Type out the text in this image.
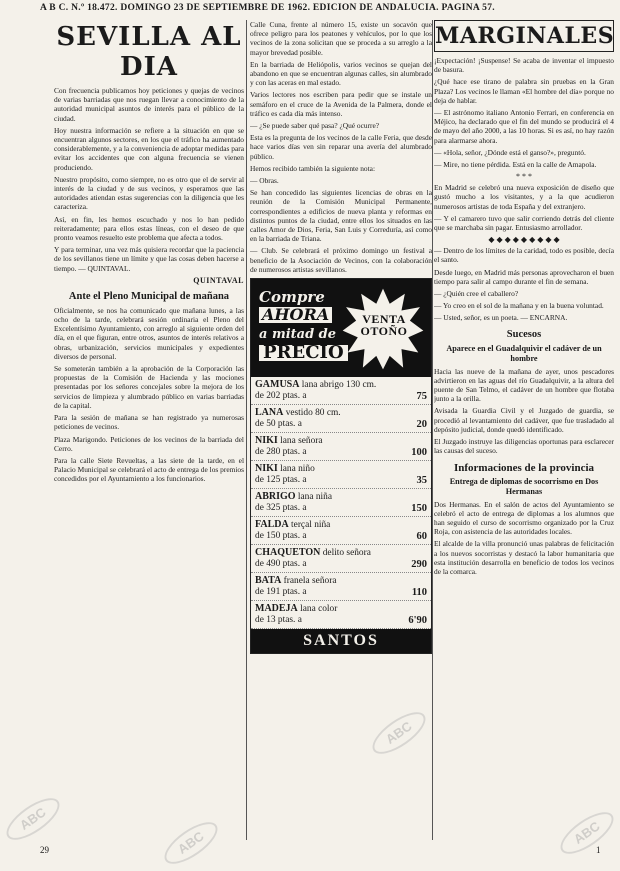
A B C. N.º 18.472. DOMINGO 23 DE SEPTIEMBRE DE 1962. EDICION DE ANDALUCIA. PAGINA 57.
SEVILLA AL DIA

Con frecuencia publicamos hoy peticiones y quejas de vecinos de varias barriadas que nos ruegan llevar a conocimiento de la autoridad municipal asuntos de interés para el público de la ciudad.

Hoy nuestra información se refiere a la situación en que se encuentran algunos sectores, en los que el tráfico ha aumentado considerablemente, y a la conveniencia de adoptar medidas para evitar los accidentes que con alguna frecuencia se vienen produciendo.

Nuestro propósito, como siempre, no es otro que el de servir al interés de la ciudad y de sus vecinos, y esperamos que las autoridades atiendan estas sugerencias con la diligencia que les caracteriza.

Así, en fin, les hemos escuchado y nos lo han pedido reiteradamente; para ellos estas líneas, con el deseo de que pronto veamos resuelto este problema que afecta a todos.

Y para terminar, una vez más quisiera recordar que la paciencia de los sevillanos tiene un límite y que las cosas deben hacerse a tiempo. — QUINTAVAL.

QUINTAVAL
Ante el Pleno Municipal de mañana

Oficialmente, se nos ha comunicado que mañana lunes, a las ocho de la tarde, celebrará sesión ordinaria el Pleno del Excelentísimo Ayuntamiento, con arreglo al siguiente orden del día, en el que figuran, entre otros, asuntos de interés relativos a obras, urbanización, servicios municipales y expedientes diversos de personal.

Se someterán también a la aprobación de la Corporación las propuestas de la Comisión de Hacienda y las mociones presentadas por los señores concejales sobre la mejora de los servicios de limpieza y alumbrado público en varias barriadas de la capital.

Para la sesión de mañana se han registrado ya numerosas peticiones de vecinos.

Plaza Marigondo. Peticiones de los vecinos de la barriada del Cerro.

Para la calle Siete Revueltas, a las siete de la tarde, en el Palacio Municipal se celebrará el acto de entrega de los premios concedidos por el Ayuntamiento a los funcionarios.

Calle Cuna, frente al número 15, existe un socavón que ofrece peligro para los peatones y vehículos, por lo que los vecinos de la zona solicitan que se proceda a su arreglo a la mayor brevedad posible.

En la barriada de Heliópolis, varios vecinos se quejan del abandono en que se encuentran algunas calles, sin alumbrado y con las aceras en mal estado.

Varios lectores nos escriben para pedir que se instale un semáforo en el cruce de la Avenida de la Palmera, donde el tráfico es cada día más intenso.

— ¿Se puede saber qué pasa? ¿Qué ocurre?

Esta es la pregunta de los vecinos de la calle Feria, que desde hace varios días ven sin reparar una avería del alumbrado público.

Hemos recibido también la siguiente nota:

— Obras.

Se han concedido las siguientes licencias de obras en la reunión de la Comisión Municipal Permanente, correspondientes a edificios de nueva planta y reformas en distintos puntos de la ciudad, entre ellos los situados en las calles Amor de Dios, Feria, San Luis y Correduría, así como en la barriada de Triana.

— Club. Se celebrará el próximo domingo un festival a beneficio de la Asociación de Vecinos, con la colaboración de numerosos artistas sevillanos.

Compre
AHORA
a mitad de
PRECIO
VENTA OTOÑO
GAMUSA lana abrigo 130 cm.
de 202 ptas. a	75
LANA vestido 80 cm.
de 50 ptas. a	20
NIKI lana señora
de 280 ptas. a	100
NIKI lana niño
de 125 ptas. a	35
ABRIGO lana niña
de 325 ptas. a	150
FALDA terçal niña
de 150 ptas. a	60
CHAQUETON delito señora
de 490 ptas. a	290
BATA franela señora
de 191 ptas. a	110
MADEJA lana color
de 13 ptas. a	6'90
SANTOS
MARGINALES

¡Expectación! ¡Suspense! Se acaba de inventar el impuesto de basura.

¿Qué hace ese tirano de palabra sin pruebas en la Gran Plaza? Los vecinos le llaman «El hombre del día» porque no deja de hablar.

— El astrónomo italiano Antonio Ferrari, en conferencia en Méjico, ha declarado que el fin del mundo se producirá el 4 de mayo del año 2000, a las 10 horas. Si es así, no hay razón para alarmarse ahora.

— «Hola, señor, ¿Dónde está el ganso?», preguntó.

— Mire, no tiene pérdida. Está en la calle de Amapola.

* * *

En Madrid se celebró una nueva exposición de diseño que gustó mucho a los visitantes, y a la que acudieron numerosos artistas de toda España y del extranjero.

— Y el camarero tuvo que salir corriendo detrás del cliente que se marchaba sin pagar. Entusiasmo arrollador.

◆ ◆ ◆ ◆ ◆ ◆ ◆ ◆ ◆

— Dentro de los límites de la caridad, todo es posible, decía el santo.

Desde luego, en Madrid más personas aprovecharon el buen tiempo para salir al campo durante el fin de semana.

— ¿Quién cree el caballero?

— Yo creo en el sol de la mañana y en la buena voluntad.

— Usted, señor, es un poeta. — ENCARNA.

Sucesos
Aparece en el Guadalquivir el cadáver de un hombre

Hacia las nueve de la mañana de ayer, unos pescadores advirtieron en las aguas del río Guadalquivir, a la altura del puente de San Telmo, el cadáver de un hombre que flotaba junto a la orilla.

Avisada la Guardia Civil y el Juzgado de guardia, se procedió al levantamiento del cadáver, que fue trasladado al depósito judicial, donde quedó identificado.

El Juzgado instruye las diligencias oportunas para esclarecer las causas del suceso.

Informaciones de la provincia
Entrega de diplomas de socorrismo en Dos Hermanas

Dos Hermanas. En el salón de actos del Ayuntamiento se celebró el acto de entrega de diplomas a los alumnos que han seguido el curso de socorrismo organizado por la Cruz Roja, con asistencia de las autoridades locales.

El alcalde de la villa pronunció unas palabras de felicitación a los nuevos socorristas y destacó la labor humanitaria que esta institución desarrolla en beneficio de todos los vecinos de la comarca.

29	1
ABC
ABC
ABC
ABC
